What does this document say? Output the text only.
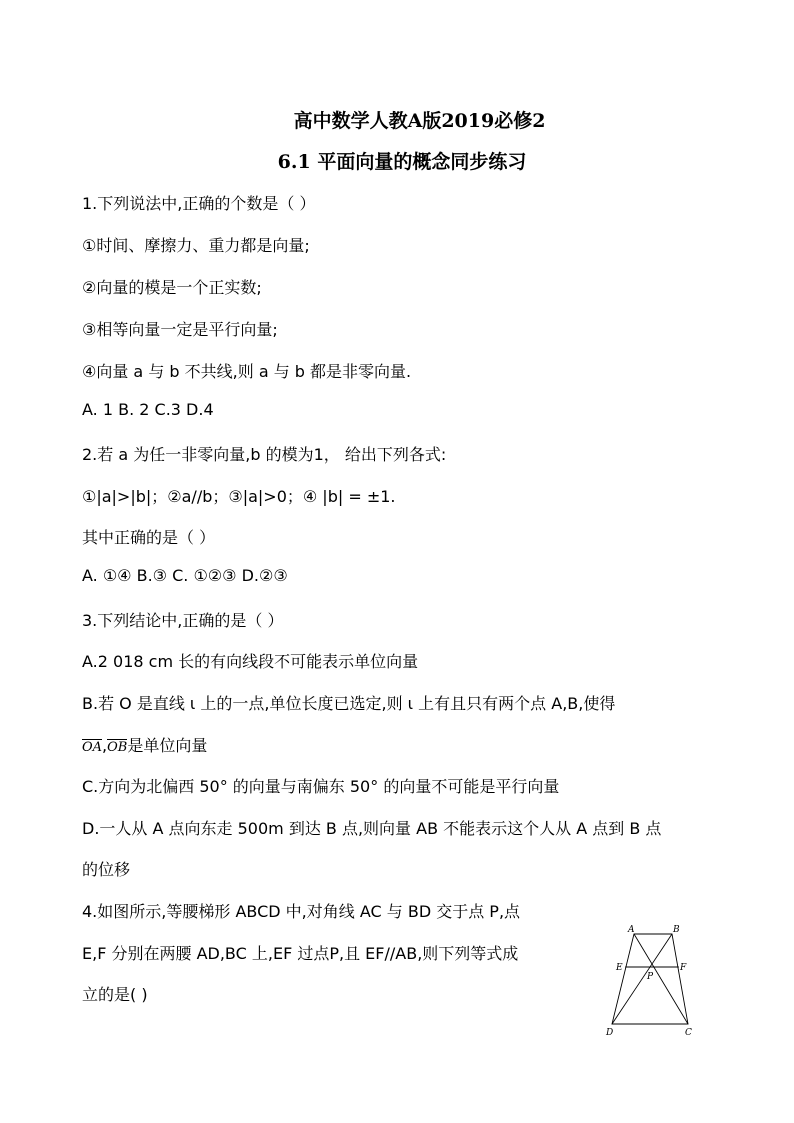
高中数学人教A版2019必修2
6.1 平面向量的概念同步练习
1.下列说法中,正确的个数是（ ）
①时间、摩擦力、重力都是向量;
②向量的模是一个正实数;
③相等向量一定是平行向量;
④向量 a 与 b 不共线,则 a 与 b 都是非零向量.
A. 1 B. 2 C.3 D.4
2.若 a 为任一非零向量,b 的模为1， 给出下列各式:
①|a|>|b|；②a//b；③|a|>0；④ |b| = ±1.
其中正确的是（ ）
A. ①④ B.③ C. ①②③ D.②③
3.下列结论中,正确的是（ ）
A.2 018 cm 长的有向线段不可能表示单位向量
B.若 O 是直线 ι 上的一点,单位长度已选定,则 ι 上有且只有两个点 A,B,使得
OA,OB是单位向量
C.方向为北偏西 50° 的向量与南偏东 50° 的向量不可能是平行向量
D.一人从 A 点向东走 500m 到达 B 点,则向量 AB 不能表示这个人从 A 点到 B 点
的位移
4.如图所示,等腰梯形 ABCD 中,对角线 AC 与 BD 交于点 P,点
E,F 分别在两腰 AD,BC 上,EF 过点P,且 EF//AB,则下列等式成
立的是( )
A	B
C
D
E	F
P
